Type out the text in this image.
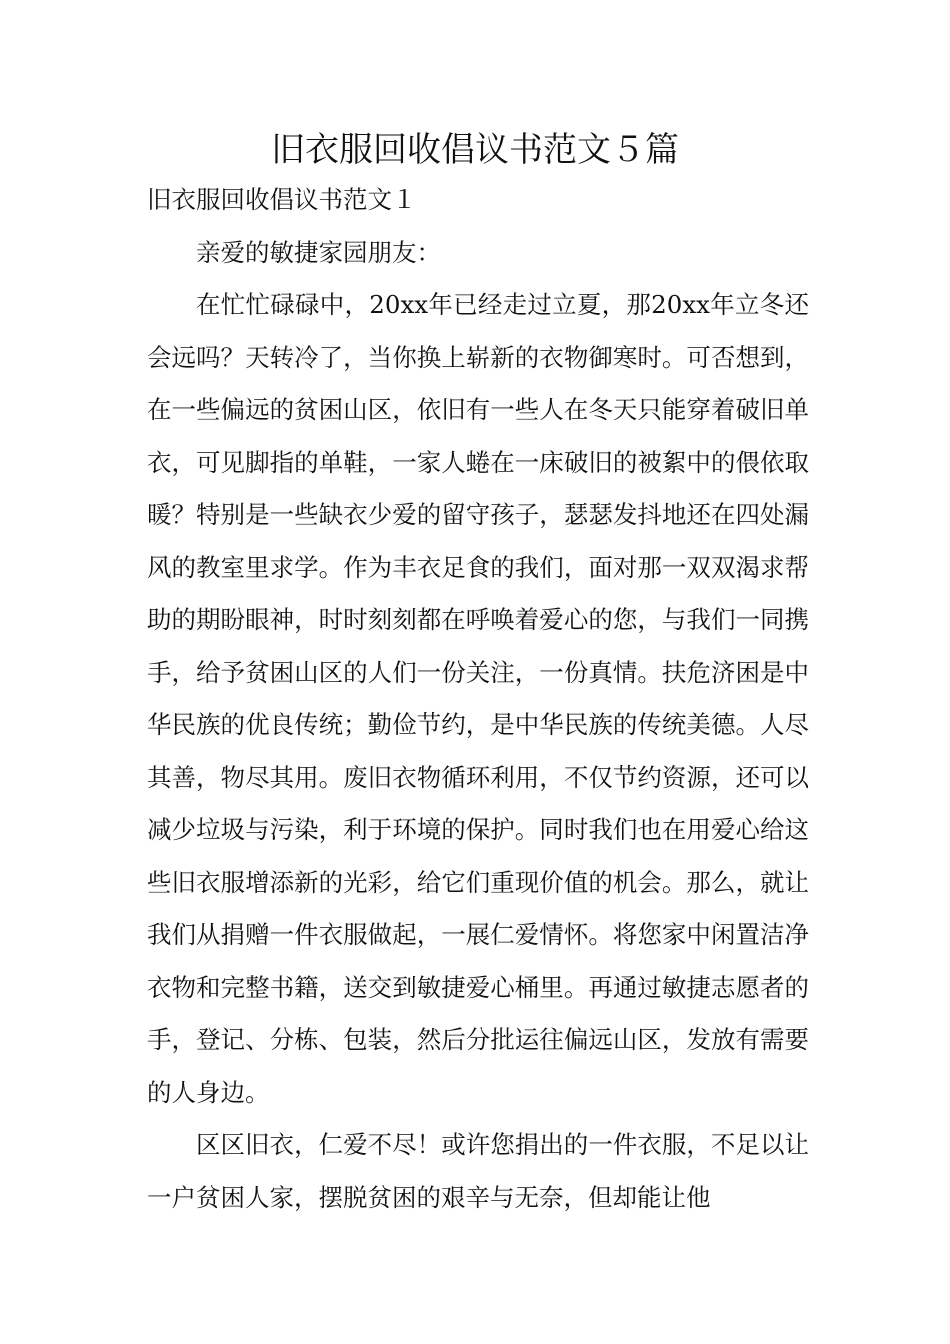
旧衣服回收倡议书范文５篇

旧衣服回收倡议书范文１

亲爱的敏捷家园朋友：

在忙忙碌碌中，20xx年已经走过立夏，那20xx年立冬还会远吗？天转冷了，当你换上崭新的衣物御寒时。可否想到，在一些偏远的贫困山区，依旧有一些人在冬天只能穿着破旧单衣，可见脚指的单鞋，一家人蜷在一床破旧的被絮中的偎依取暖？特别是一些缺衣少爱的留守孩子，瑟瑟发抖地还在四处漏风的教室里求学。作为丰衣足食的我们，面对那一双双渴求帮助的期盼眼神，时时刻刻都在呼唤着爱心的您，与我们一同携手，给予贫困山区的人们一份关注，一份真情。扶危济困是中华民族的优良传统；勤俭节约，是中华民族的传统美德。人尽其善，物尽其用。废旧衣物循环利用，不仅节约资源，还可以减少垃圾与污染，利于环境的保护。同时我们也在用爱心给这些旧衣服增添新的光彩，给它们重现价值的机会。那么，就让我们从捐赠一件衣服做起，一展仁爱情怀。将您家中闲置洁净衣物和完整书籍，送交到敏捷爱心桶里。再通过敏捷志愿者的手，登记、分栋、包装，然后分批运往偏远山区，发放有需要的人身边。

区区旧衣，仁爱不尽！或许您捐出的一件衣服，不足以让一户贫困人家，摆脱贫困的艰辛与无奈，但却能让他
